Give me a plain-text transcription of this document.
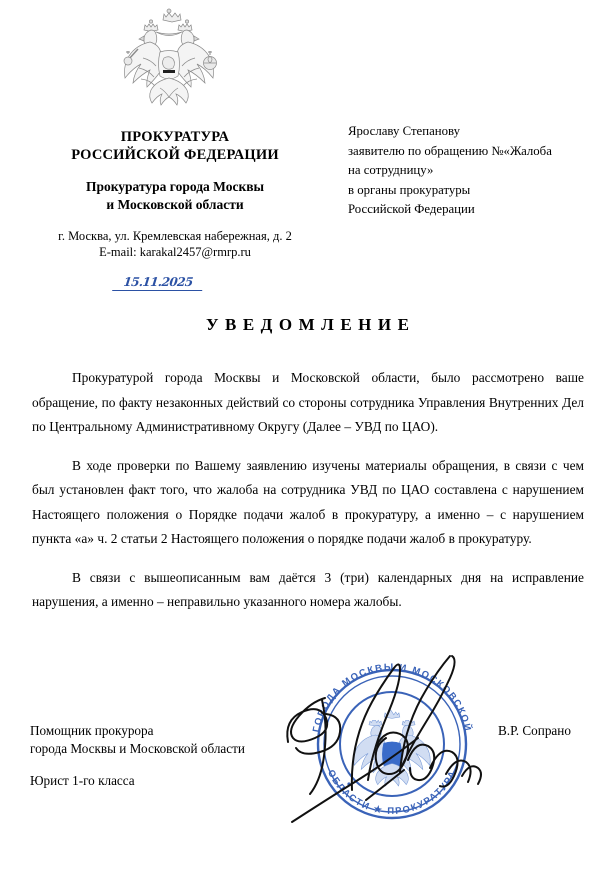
ПРОКУРАТУРА
РОССИЙСКОЙ ФЕДЕРАЦИИ
Прокуратура города Москвы
и Московской области
г. Москва, ул. Кремлевская набережная, д. 2
E-mail: karakal2457@rmrp.ru
Ярославу Степанову
заявителю по обращению №«Жалоба
на сотрудницу»
в органы прокуратуры
Российской Федерации
15.11.2025
УВЕДОМЛЕНИЕ

Прокуратурой города Москвы и Московской области, было рассмотрено ваше обращение, по факту незаконных действий со стороны сотрудника Управления Внутренних Дел по Центральному Административному Округу (Далее – УВД по ЦАО).

В ходе проверки по Вашему заявлению изучены материалы обращения, в связи с чем был установлен факт того, что жалоба на сотрудника УВД по ЦАО составлена с нарушением Настоящего положения о Порядке подачи жалоб в прокуратуру, а именно – с нарушением пункта «а» ч. 2 статьи 2 Настоящего положения о порядке подачи жалоб в прокуратуру.

В связи с вышеописанным вам даётся 3 (три) календарных дня на исправление нарушения, а именно – неправильно указанного номера жалобы.

Помощник прокурора
города Москвы и Московской области
Юрист 1-го класса
В.Р. Сопрано
ГОРОДА МОСКВЫ И МОСКОВСКОЙ
ОБЛАСТИ ★ ПРОКУРАТУРА
